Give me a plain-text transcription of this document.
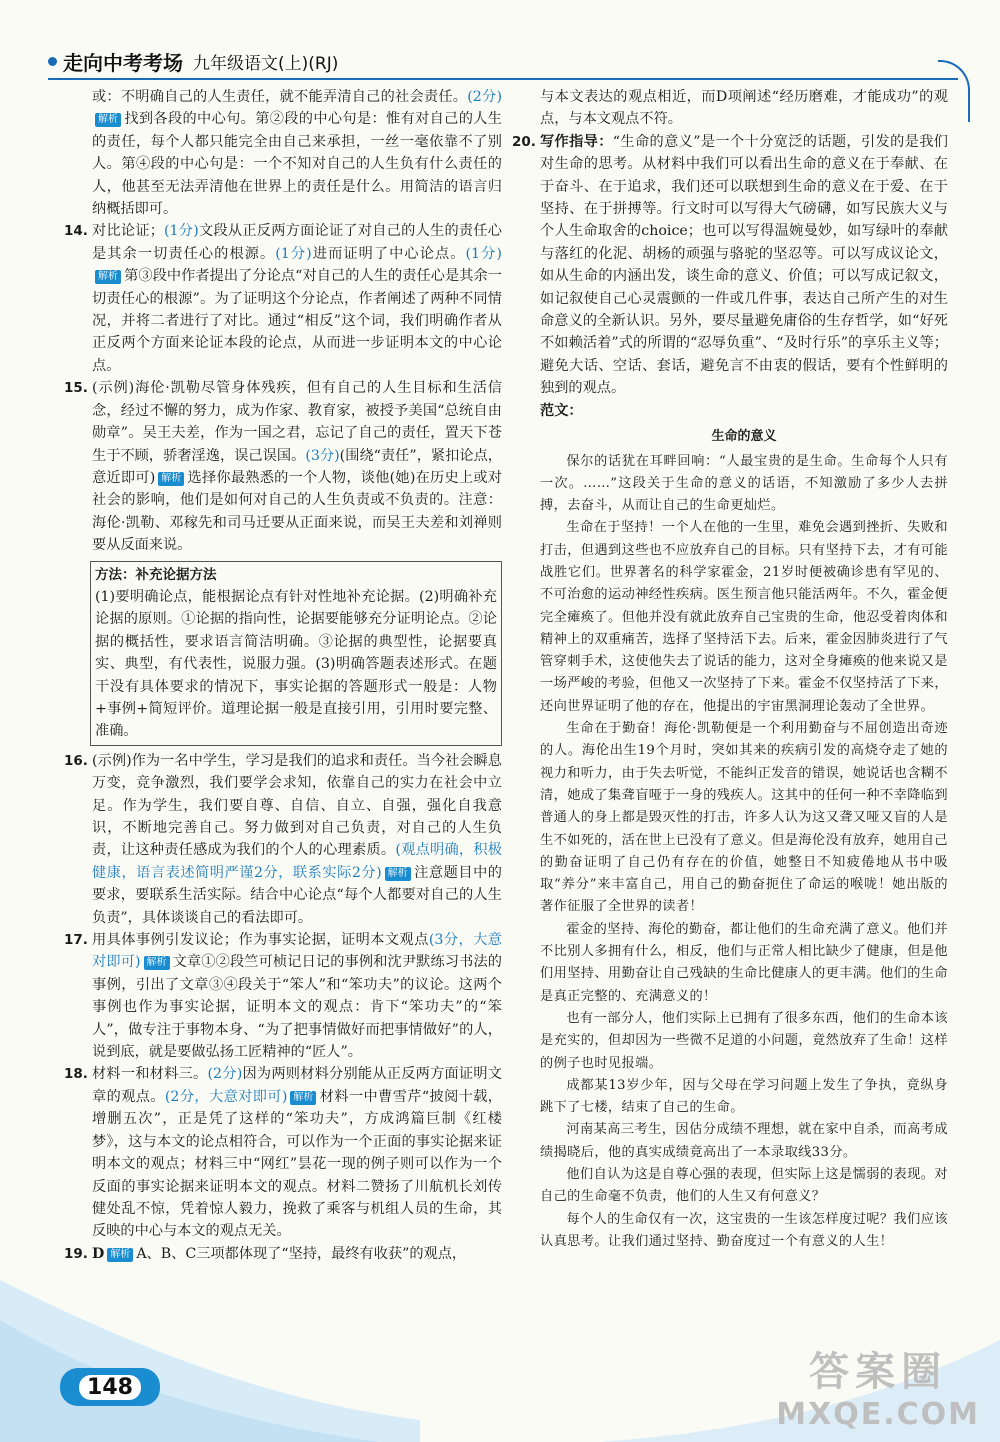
走向中考考场 九年级语文(上)(RJ)

或：不明确自己的人生责任，就不能弄清自己的社会责任。(2分)解析 找到各段的中心句。第②段的中心句是：惟有对自己的人生的责任，每个人都只能完全由自己来承担，一丝一毫依靠不了别人。第④段的中心句是：一个不知对自己的人生负有什么责任的人，他甚至无法弄清他在世界上的责任是什么。用简洁的语言归纳概括即可。

14. 对比论证；(1分)文段从正反两方面论证了对自己的人生的责任心是其余一切责任心的根源。(1分)进而证明了中心论点。(1分)解析 第③段中作者提出了分论点“对自己的人生的责任心是其余一切责任心的根源”。为了证明这个分论点，作者阐述了两种不同情况，并将二者进行了对比。通过“相反”这个词，我们明确作者从正反两个方面来论证本段的论点，从而进一步证明本文的中心论点。

15. (示例)海伦·凯勒尽管身体残疾，但有自己的人生目标和生活信念，经过不懈的努力，成为作家、教育家，被授予美国“总统自由勋章”。吴王夫差，作为一国之君，忘记了自己的责任，置天下苍生于不顾，骄奢淫逸，误己误国。(3分)(围绕“责任”，紧扣论点，意近即可) 解析 选择你最熟悉的一个人物，谈他(她)在历史上或对社会的影响，他们是如何对自己的人生负责或不负责的。注意：海伦·凯勒、邓稼先和司马迁要从正面来说，而吴王夫差和刘禅则要从反面来说。

方法：补充论据方法

(1)要明确论点，能根据论点有针对性地补充论据。(2)明确补充论据的原则。①论据的指向性，论据要能够充分证明论点。②论据的概括性，要求语言简洁明确。③论据的典型性，论据要真实、典型，有代表性，说服力强。(3)明确答题表述形式。在题干没有具体要求的情况下，事实论据的答题形式一般是：人物+事例+简短评价。道理论据一般是直接引用，引用时要完整、准确。

16. (示例)作为一名中学生，学习是我们的追求和责任。当今社会瞬息万变，竞争激烈，我们要学会求知，依靠自己的实力在社会中立足。作为学生，我们要自尊、自信、自立、自强，强化自我意识，不断地完善自己。努力做到对自己负责，对自己的人生负责，让这种责任感成为我们的个人的心理素质。(观点明确，积极健康，语言表述简明严谨2分，联系实际2分) 解析 注意题目中的要求，要联系生活实际。结合中心论点“每个人都要对自己的人生负责”，具体谈谈自己的看法即可。

17. 用具体事例引发议论；作为事实论据，证明本文观点(3分，大意对即可) 解析 文章①②段竺可桢记日记的事例和沈尹默练习书法的事例，引出了文章③④段关于“笨人”和“笨功夫”的议论。这两个事例也作为事实论据，证明本文的观点：肯下“笨功夫”的“笨人”，做专注于事物本身、“为了把事情做好而把事情做好”的人，说到底，就是要做弘扬工匠精神的“匠人”。

18. 材料一和材料三。(2分)因为两则材料分别能从正反两方面证明文章的观点。(2分，大意对即可) 解析 材料一中曹雪芹“披阅十载，增删五次”，正是凭了这样的“笨功夫”，方成鸿篇巨制《红楼梦》，这与本文的论点相符合，可以作为一个正面的事实论据来证明本文的观点；材料三中“网红”昙花一现的例子则可以作为一个反面的事实论据来证明本文的观点。材料二赞扬了川航机长刘传健处乱不惊，凭着惊人毅力，挽救了乘客与机组人员的生命，其反映的中心与本文的观点无关。

19. D 解析 A、B、C三项都体现了“坚持，最终有收获”的观点，

与本文表达的观点相近，而D项阐述“经历磨难，才能成功”的观点，与本文观点不符。

20. 写作指导：“生命的意义”是一个十分宽泛的话题，引发的是我们对生命的思考。从材料中我们可以看出生命的意义在于奉献、在于奋斗、在于追求，我们还可以联想到生命的意义在于爱、在于坚持、在于拼搏等。行文时可以写得大气磅礴，如写民族大义与个人生命取舍的choice；也可以写得温婉曼妙，如写绿叶的奉献与落红的化泥、胡杨的顽强与骆驼的坚忍等。可以写成议论文，如从生命的内涵出发，谈生命的意义、价值；可以写成记叙文，如记叙使自己心灵震颤的一件或几件事，表达自己所产生的对生命意义的全新认识。另外，要尽量避免庸俗的生存哲学，如“好死不如赖活着”式的所谓的“忍辱负重”、“及时行乐”的享乐主义等；避免大话、空话、套话，避免言不由衷的假话，要有个性鲜明的独到的观点。

范文：
生命的意义

保尔的话犹在耳畔回响：“人最宝贵的是生命。生命每个人只有一次。……”这段关于生命的意义的话语，不知激励了多少人去拼搏，去奋斗，从而让自己的生命更灿烂。

生命在于坚持！一个人在他的一生里，难免会遇到挫折、失败和打击，但遇到这些也不应放弃自己的目标。只有坚持下去，才有可能战胜它们。世界著名的科学家霍金，21岁时便被确诊患有罕见的、不可治愈的运动神经性疾病。医生预言他只能活两年。不久，霍金便完全瘫痪了。但他并没有就此放弃自己宝贵的生命，他忍受着肉体和精神上的双重痛苦，选择了坚持活下去。后来，霍金因肺炎进行了气管穿刺手术，这使他失去了说话的能力，这对全身瘫痪的他来说又是一场严峻的考验，但他又一次坚持了下来。霍金不仅坚持活了下来，还向世界证明了他的存在，他提出的宇宙黑洞理论轰动了全世界。

生命在于勤奋！海伦·凯勒便是一个利用勤奋与不屈创造出奇迹的人。海伦出生19个月时，突如其来的疾病引发的高烧夺走了她的视力和听力，由于失去听觉，不能纠正发音的错误，她说话也含糊不清，她成了集聋盲哑于一身的残疾人。这其中的任何一种不幸降临到普通人的身上都是毁灭性的打击，许多人认为这又聋又哑又盲的人是生不如死的，活在世上已没有了意义。但是海伦没有放弃，她用自己的勤奋证明了自己仍有存在的价值，她整日不知疲倦地从书中吸取“养分”来丰富自己，用自己的勤奋扼住了命运的喉咙！她出版的著作征服了全世界的读者！

霍金的坚持、海伦的勤奋，都让他们的生命充满了意义。他们并不比别人多拥有什么，相反，他们与正常人相比缺少了健康，但是他们用坚持、用勤奋让自己残缺的生命比健康人的更丰满。他们的生命是真正完整的、充满意义的！

也有一部分人，他们实际上已拥有了很多东西，他们的生命本该是充实的，但却因为一些微不足道的小问题，竟然放弃了生命！这样的例子也时见报端。

成都某13岁少年，因与父母在学习问题上发生了争执，竟纵身跳下了七楼，结束了自己的生命。

河南某高三考生，因估分成绩不理想，就在家中自杀，而高考成绩揭晓后，他的真实成绩竟高出了一本录取线33分。

他们自认为这是自尊心强的表现，但实际上这是懦弱的表现。对自己的生命毫不负责，他们的人生又有何意义？

每个人的生命仅有一次，这宝贵的一生该怎样度过呢？我们应该认真思考。让我们通过坚持、勤奋度过一个有意义的人生！

148	答案圈
MXQE.COM
